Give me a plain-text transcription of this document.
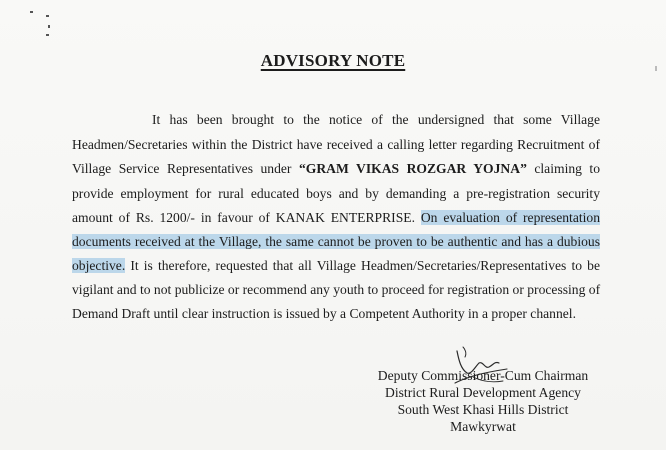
ADVISORY NOTE
It has been brought to the notice of the undersigned that some Village
Headmen/Secretaries within the District have received a calling letter regarding Recruitment of
Village Service Representatives under “GRAM VIKAS ROZGAR YOJNA” claiming to
provide employment for rural educated boys and by demanding a pre-registration security
amount of Rs. 1200/- in favour of KANAK ENTERPRISE. On evaluation of representation
documents received at the Village, the same cannot be proven to be authentic and has a dubious
objective. It is therefore, requested that all Village Headmen/Secretaries/Representatives to be
vigilant and to not publicize or recommend any youth to proceed for registration or processing of
Demand Draft until clear instruction is issued by a Competent Authority in a proper channel.
Deputy Commissioner-Cum Chairman
District Rural Development Agency
South West Khasi Hills District
Mawkyrwat
